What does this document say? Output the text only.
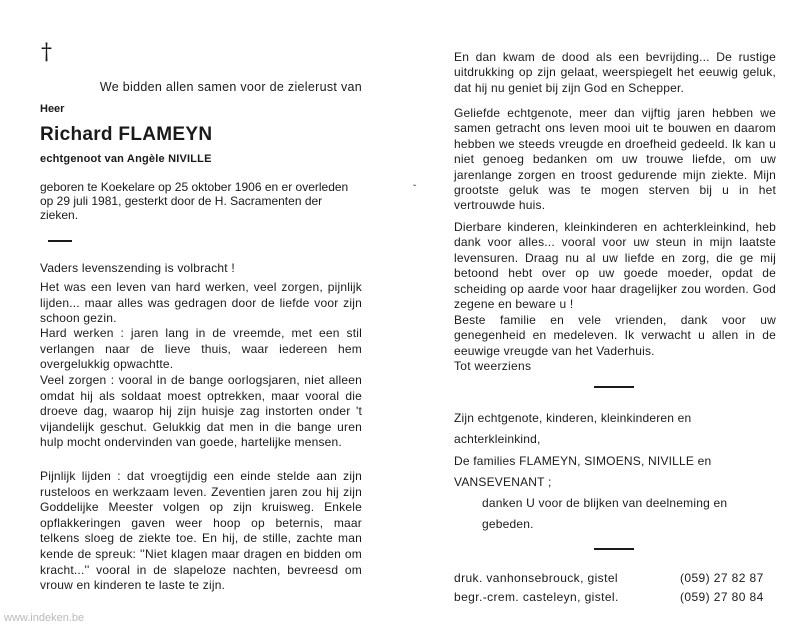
†
We bidden allen samen voor de zielerust van
Heer
Richard FLAMEYN
echtgenoot van Angèle NIVILLE
geboren te Koekelare op 25 oktober 1906 en er overleden op 29 juli 1981, gesterkt door de H. Sacramenten der zieken.
Vaders levenszending is volbracht !
Het was een leven van hard werken, veel zorgen, pijnlijk lijden... maar alles was gedragen door de liefde voor zijn schoon gezin.
Hard werken : jaren lang in de vreemde, met een stil verlangen naar de lieve thuis, waar iedereen hem overgelukkig opwachtte.
Veel zorgen : vooral in de bange oorlogsjaren, niet alleen omdat hij als soldaat moest optrekken, maar vooral die droeve dag, waarop hij zijn huisje zag instorten onder 't vijandelijk geschut. Gelukkig dat men in die bange uren hulp mocht ondervinden van goede, hartelijke mensen.
Pijnlijk lijden : dat vroegtijdig een einde stelde aan zijn rusteloos en werkzaam leven. Zeventien jaren zou hij zijn Goddelijke Meester volgen op zijn kruisweg. Enkele opflakkeringen gaven weer hoop op beternis, maar telkens sloeg de ziekte toe. En hij, de stille, zachte man kende de spreuk: ''Niet klagen maar dragen en bidden om kracht...'' vooral in de slapeloze nachten, bevreesd om vrouw en kinderen te laste te zijn.
En dan kwam de dood als een bevrijding... De rustige uitdrukking op zijn gelaat, weerspiegelt het eeuwig geluk, dat hij nu geniet bij zijn God en Schepper.
Geliefde echtgenote, meer dan vijftig jaren hebben we samen getracht ons leven mooi uit te bouwen en daarom hebben we steeds vreugde en droefheid gedeeld. Ik kan u niet genoeg bedanken om uw trouwe liefde, om uw jarenlange zorgen en troost gedurende mijn ziekte. Mijn grootste geluk was te mogen sterven bij u in het vertrouwde huis.
Dierbare kinderen, kleinkinderen en achterkleinkind, heb dank voor alles... vooral voor uw steun in mijn laatste levensuren. Draag nu al uw liefde en zorg, die ge mij betoond hebt over op uw goede moeder, opdat de scheiding op aarde voor haar dragelijker zou worden. God zegene en beware u !
Beste familie en vele vrienden, dank voor uw genegenheid en medeleven. Ik verwacht u allen in de eeuwige vreugde van het Vaderhuis.
Tot weerziens
Zijn echtgenote, kinderen, kleinkinderen en achterkleinkind,
De families FLAMEYN, SIMOENS, NIVILLE en VANSEVENANT ;
danken U voor de blijken van deelneming en gebeden.
druk. vanhonsebrouck, gistel	(059) 27 82 87
begr.-crem. casteleyn, gistel.	(059) 27 80 84
ˇ
www.indeken.be
